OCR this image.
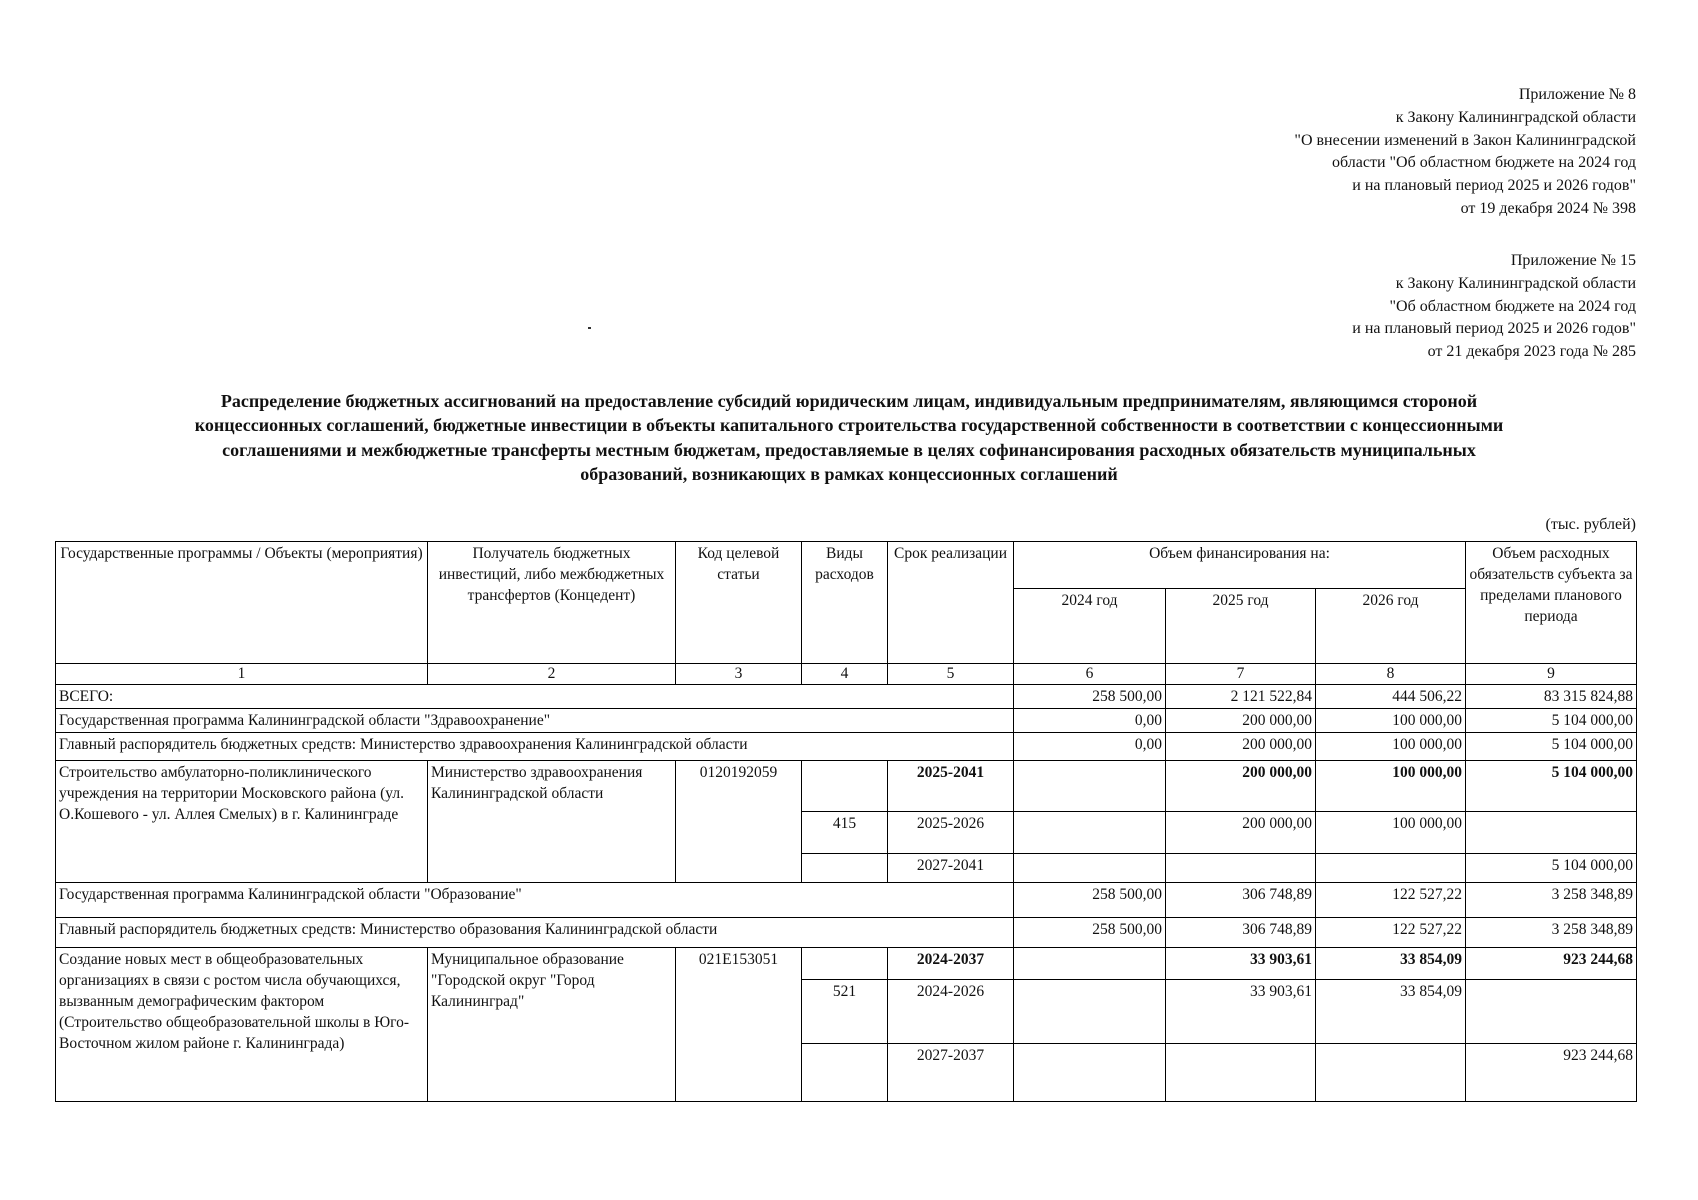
Приложение № 8
к Закону Калининградской области
"О внесении изменений в Закон Калининградской
области "Об областном бюджете на 2024 год
и на плановый период 2025 и 2026 годов"
от 19 декабря 2024 № 398
Приложение № 15
к Закону Калининградской области
"Об областном бюджете на 2024 год
и на плановый период 2025 и 2026 годов"
от 21 декабря 2023 года № 285
Распределение бюджетных ассигнований на предоставление субсидий юридическим лицам, индивидуальным предпринимателям, являющимся стороной
концессионных соглашений, бюджетные инвестиции в объекты капитального строительства государственной собственности в соответствии с концессионными
соглашениями и межбюджетные трансферты местным бюджетам, предоставляемые в целях софинансирования расходных обязательств муниципальных
образований, возникающих в рамках концессионных соглашений
(тыс. рублей)
Государственные программы / Объекты (мероприятия)	Получатель бюджетных инвестиций, либо межбюджетных трансфертов (Концедент)	Код целевой статьи	Виды расходов	Срок реализации	Объем финансирования на:			Объем расходных обязательств субъекта за пределами планового периода
					2024 год	2025 год	2026 год	
1	2	3	4	5	6	7	8	9
ВСЕГО:					258 500,00	2 121 522,84	444 506,22	83 315 824,88
Государственная программа Калининградской области "Здравоохранение"					0,00	200 000,00	100 000,00	5 104 000,00
Главный распорядитель бюджетных средств: Министерство здравоохранения Калининградской области					0,00	200 000,00	100 000,00	5 104 000,00
Строительство амбулаторно-поликлинического учреждения на территории Московского района (ул. О.Кошевого - ул. Аллея Смелых) в г. Калининграде	Министерство здравоохранения Калининградской области	0120192059		2025-2041		200 000,00	100 000,00	5 104 000,00
			415	2025-2026		200 000,00	100 000,00	
				2027-2041				5 104 000,00
Государственная программа Калининградской области "Образование"					258 500,00	306 748,89	122 527,22	3 258 348,89
Главный распорядитель бюджетных средств: Министерство образования Калининградской области					258 500,00	306 748,89	122 527,22	3 258 348,89
Создание новых мест в общеобразовательных организациях в связи с ростом числа обучающихся, вызванным демографическим фактором (Строительство общеобразовательной школы в Юго-Восточном жилом районе г. Калининграда)	Муниципальное образование "Городской округ "Город Калининград"	021E153051		2024-2037		33 903,61	33 854,09	923 244,68
			521	2024-2026		33 903,61	33 854,09	
				2027-2037				923 244,68
